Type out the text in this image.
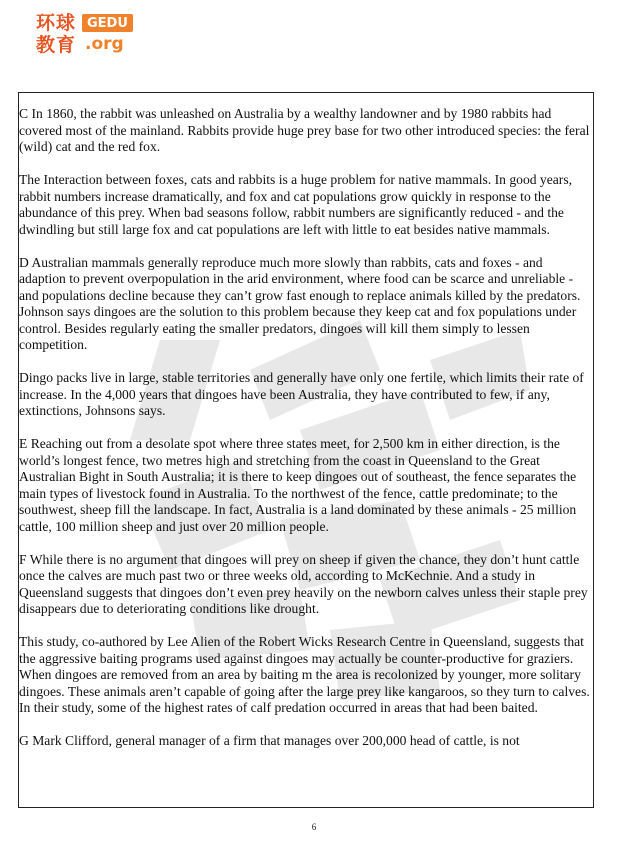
环球
教育
GEDU
.org

C In 1860, the rabbit was unleashed on Australia by a wealthy landowner and by 1980 rabbits had covered most of the mainland. Rabbits provide huge prey base for two other introduced species: the feral (wild) cat and the red fox.

The Interaction between foxes, cats and rabbits is a huge problem for native mammals. In good years, rabbit numbers increase dramatically, and fox and cat populations grow quickly in response to the abundance of this prey. When bad seasons follow, rabbit numbers are significantly reduced - and the dwindling but still large fox and cat populations are left with little to eat besides native mammals.

D Australian mammals generally reproduce much more slowly than rabbits, cats and foxes - and adaption to prevent overpopulation in the arid environment, where food can be scarce and unreliable - and populations decline because they can’t grow fast enough to replace animals killed by the predators. Johnson says dingoes are the solution to this problem because they keep cat and fox populations under control. Besides regularly eating the smaller predators, dingoes will kill them simply to lessen competition.

Dingo packs live in large, stable territories and generally have only one fertile, which limits their rate of increase. In the 4,000 years that dingoes have been Australia, they have contributed to few, if any, extinctions, Johnsons says.

E Reaching out from a desolate spot where three states meet, for 2,500 km in either direction, is the world’s longest fence, two metres high and stretching from the coast in Queensland to the Great Australian Bight in South Australia; it is there to keep dingoes out of southeast, the fence separates the main types of livestock found in Australia. To the northwest of the fence, cattle predominate; to the southwest, sheep fill the landscape. In fact, Australia is a land dominated by these animals - 25 million cattle, 100 million sheep and just over 20 million people.

F While there is no argument that dingoes will prey on sheep if given the chance, they don’t hunt cattle once the calves are much past two or three weeks old, according to McKechnie. And a study in Queensland suggests that dingoes don’t even prey heavily on the newborn calves unless their staple prey disappears due to deteriorating conditions like drought.

This study, co-authored by Lee Alien of the Robert Wicks Research Centre in Queensland, suggests that the aggressive baiting programs used against dingoes may actually be counter-productive for graziers. When dingoes are removed from an area by baiting m the area is recolonized by younger, more solitary dingoes. These animals aren’t capable of going after the large prey like kangaroos, so they turn to calves. In their study, some of the highest rates of calf predation occurred in areas that had been baited.

G Mark Clifford, general manager of a firm that manages over 200,000 head of cattle, is not

6
